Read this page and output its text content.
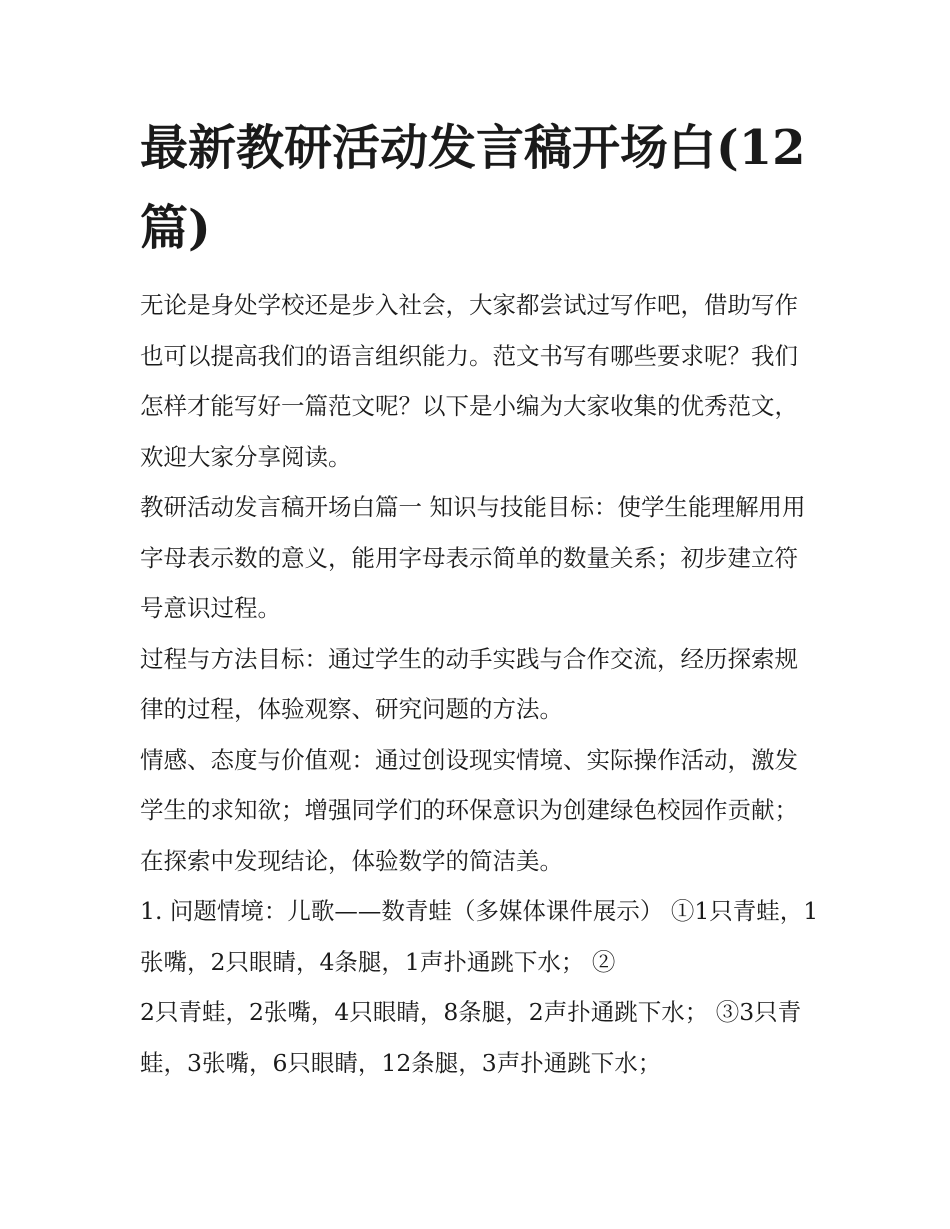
最新教研活动发言稿开场白(12篇)

无论是身处学校还是步入社会，大家都尝试过写作吧，借助写作也可以提高我们的语言组织能力。范文书写有哪些要求呢？我们怎样才能写好一篇范文呢？以下是小编为大家收集的优秀范文，欢迎大家分享阅读。

教研活动发言稿开场白篇一 知识与技能目标：使学生能理解用用字母表示数的意义，能用字母表示简单的数量关系；初步建立符号意识过程。

过程与方法目标：通过学生的动手实践与合作交流，经历探索规律的过程，体验观察、研究问题的方法。

情感、态度与价值观：通过创设现实情境、实际操作活动，激发学生的求知欲；增强同学们的环保意识为创建绿色校园作贡献；在探索中发现结论，体验数学的简洁美。

1. 问题情境：儿歌——数青蛙（多媒体课件展示） ①1只青蛙，1张嘴，2只眼睛，4条腿，1声扑通跳下水； ②

2只青蛙，2张嘴，4只眼睛，8条腿，2声扑通跳下水； ③3只青蛙，3张嘴，6只眼睛，12条腿，3声扑通跳下水；
